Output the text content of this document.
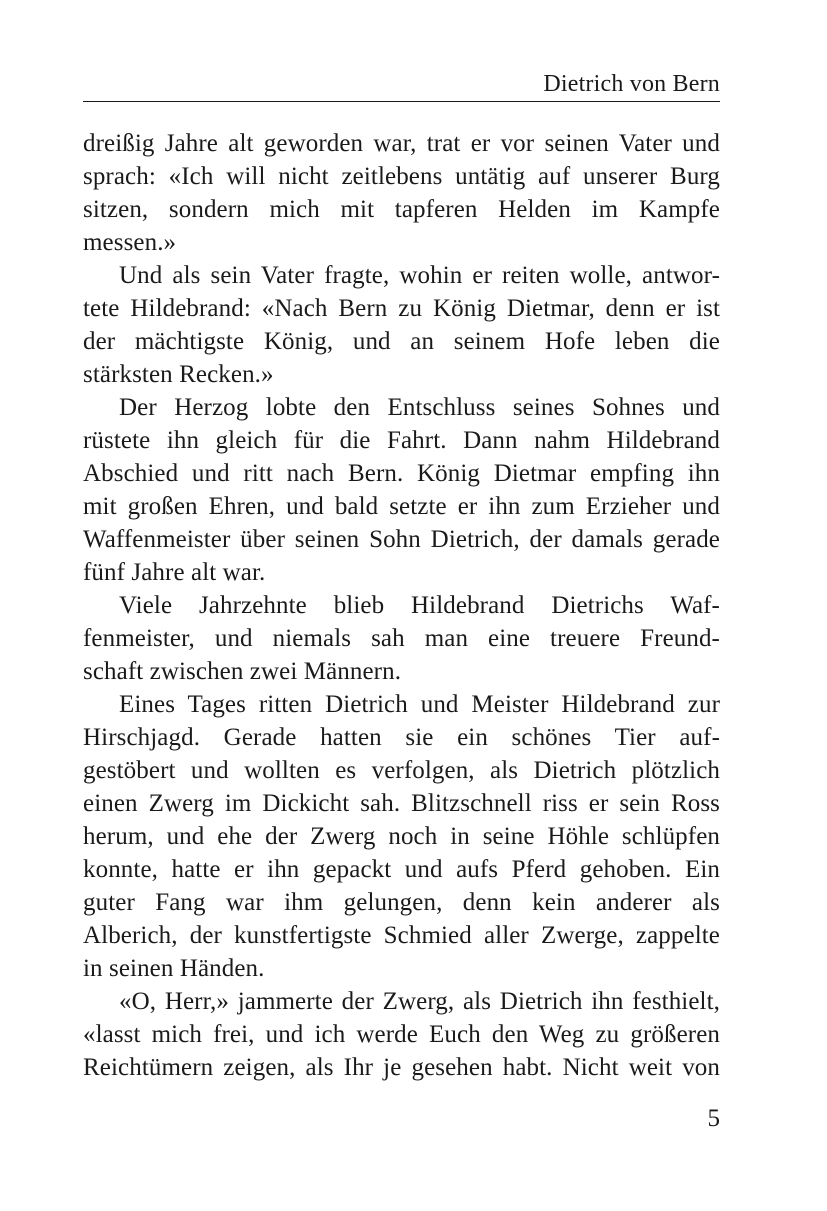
Dietrich von Bern
dreißig Jahre alt geworden war, trat er vor seinen Vater und
sprach: «Ich will nicht zeitlebens untätig auf unserer Burg
sitzen, sondern mich mit tapferen Helden im Kampfe
messen.»
Und als sein Vater fragte, wohin er reiten wolle, antwor-
tete Hildebrand: «Nach Bern zu König Dietmar, denn er ist
der mächtigste König, und an seinem Hofe leben die
stärksten Recken.»
Der Herzog lobte den Entschluss seines Sohnes und
rüstete ihn gleich für die Fahrt. Dann nahm Hildebrand
Abschied und ritt nach Bern. König Dietmar empfing ihn
mit großen Ehren, und bald setzte er ihn zum Erzieher und
Waffenmeister über seinen Sohn Dietrich, der damals gerade
fünf Jahre alt war.
Viele Jahrzehnte blieb Hildebrand Dietrichs Waf-
fenmeister, und niemals sah man eine treuere Freund-
schaft zwischen zwei Männern.
Eines Tages ritten Dietrich und Meister Hildebrand zur
Hirschjagd. Gerade hatten sie ein schönes Tier auf-
gestöbert und wollten es verfolgen, als Dietrich plötzlich
einen Zwerg im Dickicht sah. Blitzschnell riss er sein Ross
herum, und ehe der Zwerg noch in seine Höhle schlüpfen
konnte, hatte er ihn gepackt und aufs Pferd gehoben. Ein
guter Fang war ihm gelungen, denn kein anderer als
Alberich, der kunstfertigste Schmied aller Zwerge, zappelte
in seinen Händen.
«O, Herr,» jammerte der Zwerg, als Dietrich ihn festhielt,
«lasst mich frei, und ich werde Euch den Weg zu größeren
Reichtümern zeigen, als Ihr je gesehen habt. Nicht weit von
5
